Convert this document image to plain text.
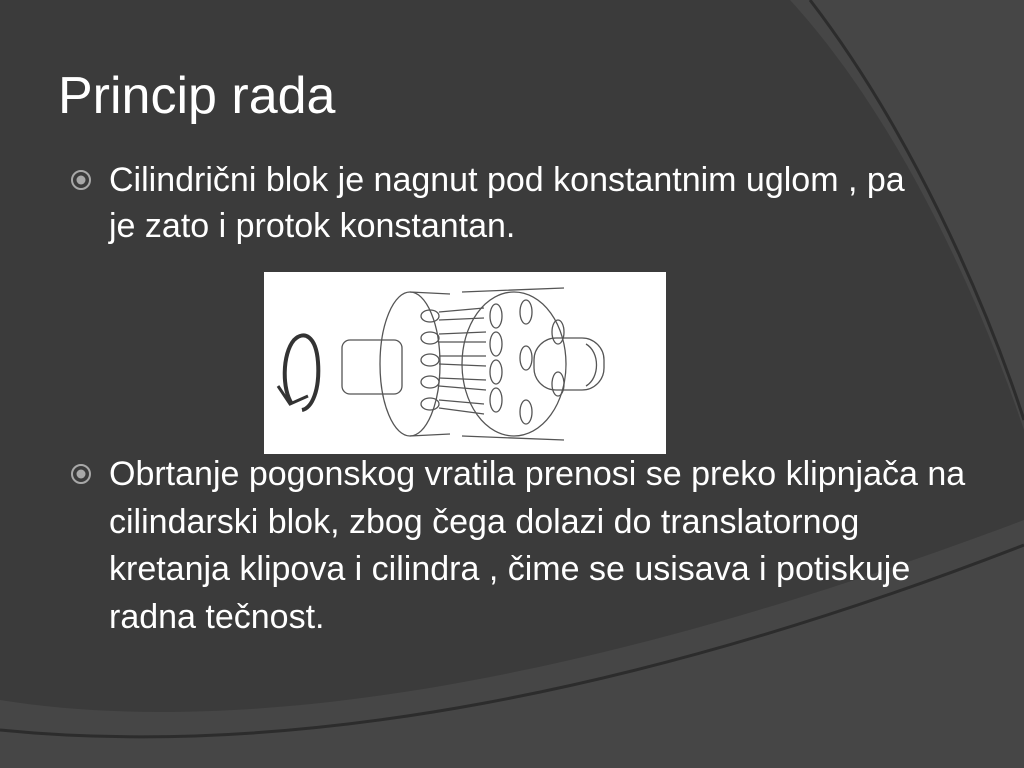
Princip rada

Cilindrični blok je nagnut pod konstantnim uglom , pa je zato i protok konstantan.

Obrtanje pogonskog vratila prenosi se preko klipnjača na cilindarski blok, zbog čega dolazi do translatornog kretanja klipova i cilindra , čime se usisava i potiskuje radna tečnost.
